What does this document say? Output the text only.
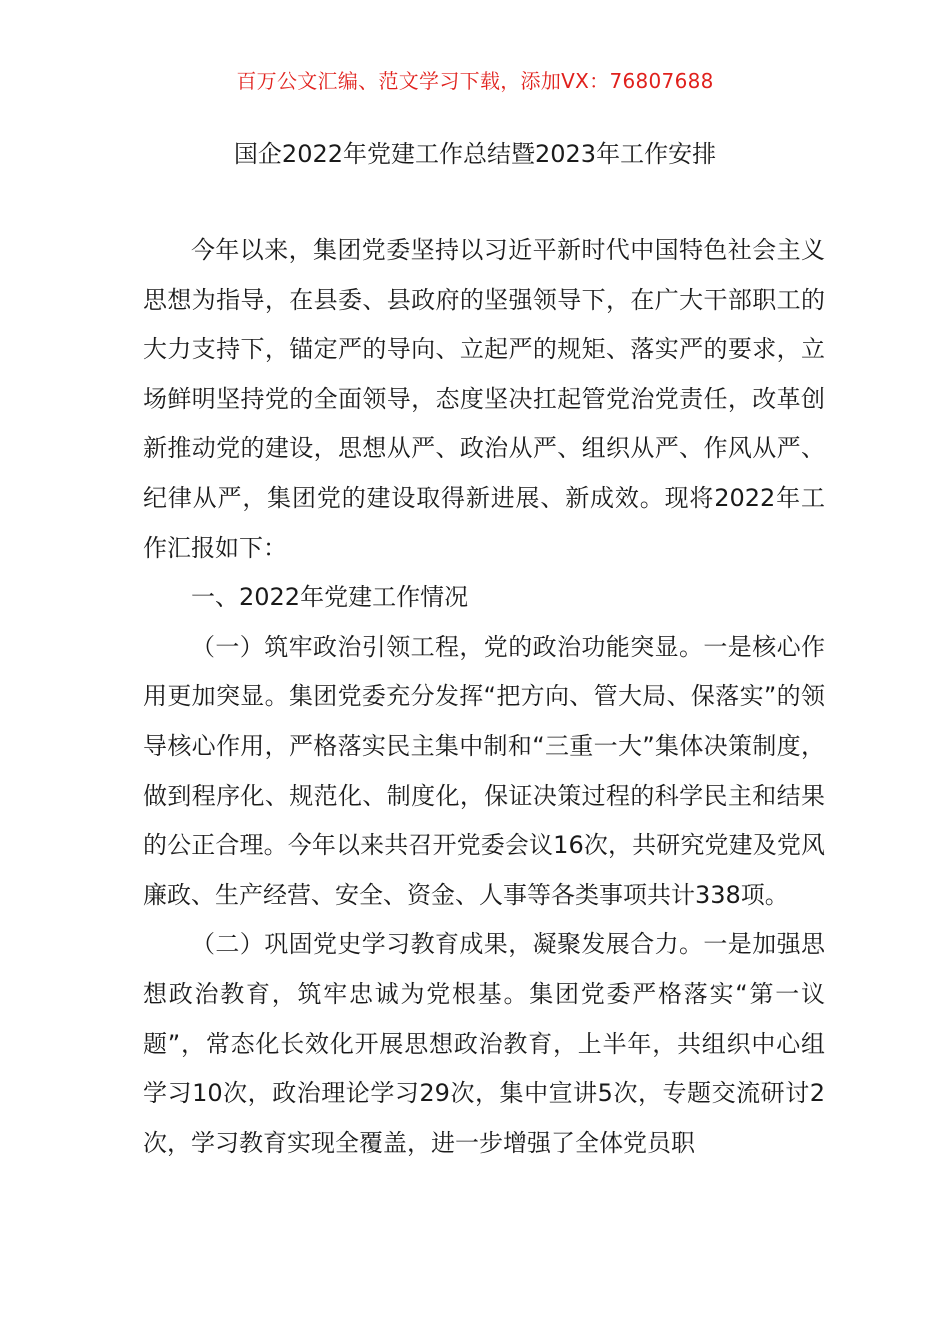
百万公文汇编、范文学习下载，添加VX：76807688
国企2022年党建工作总结暨2023年工作安排

今年以来，集团党委坚持以习近平新时代中国特色社会主义思想为指导，在县委、县政府的坚强领导下，在广大干部职工的大力支持下，锚定严的导向、立起严的规矩、落实严的要求，立场鲜明坚持党的全面领导，态度坚决扛起管党治党责任，改革创新推动党的建设，思想从严、政治从严、组织从严、作风从严、纪律从严，集团党的建设取得新进展、新成效。现将2022年工作汇报如下：

一、2022年党建工作情况

（一）筑牢政治引领工程，党的政治功能突显。一是核心作用更加突显。集团党委充分发挥“把方向、管大局、保落实”的领导核心作用，严格落实民主集中制和“三重一大”集体决策制度，做到程序化、规范化、制度化，保证决策过程的科学民主和结果的公正合理。今年以来共召开党委会议16次，共研究党建及党风廉政、生产经营、安全、资金、人事等各类事项共计338项。

（二）巩固党史学习教育成果，凝聚发展合力。一是加强思想政治教育，筑牢忠诚为党根基。集团党委严格落实“第一议题”，常态化长效化开展思想政治教育，上半年，共组织中心组学习10次，政治理论学习29次，集中宣讲5次，专题交流研讨2次，学习教育实现全覆盖，进一步增强了全体党员职
